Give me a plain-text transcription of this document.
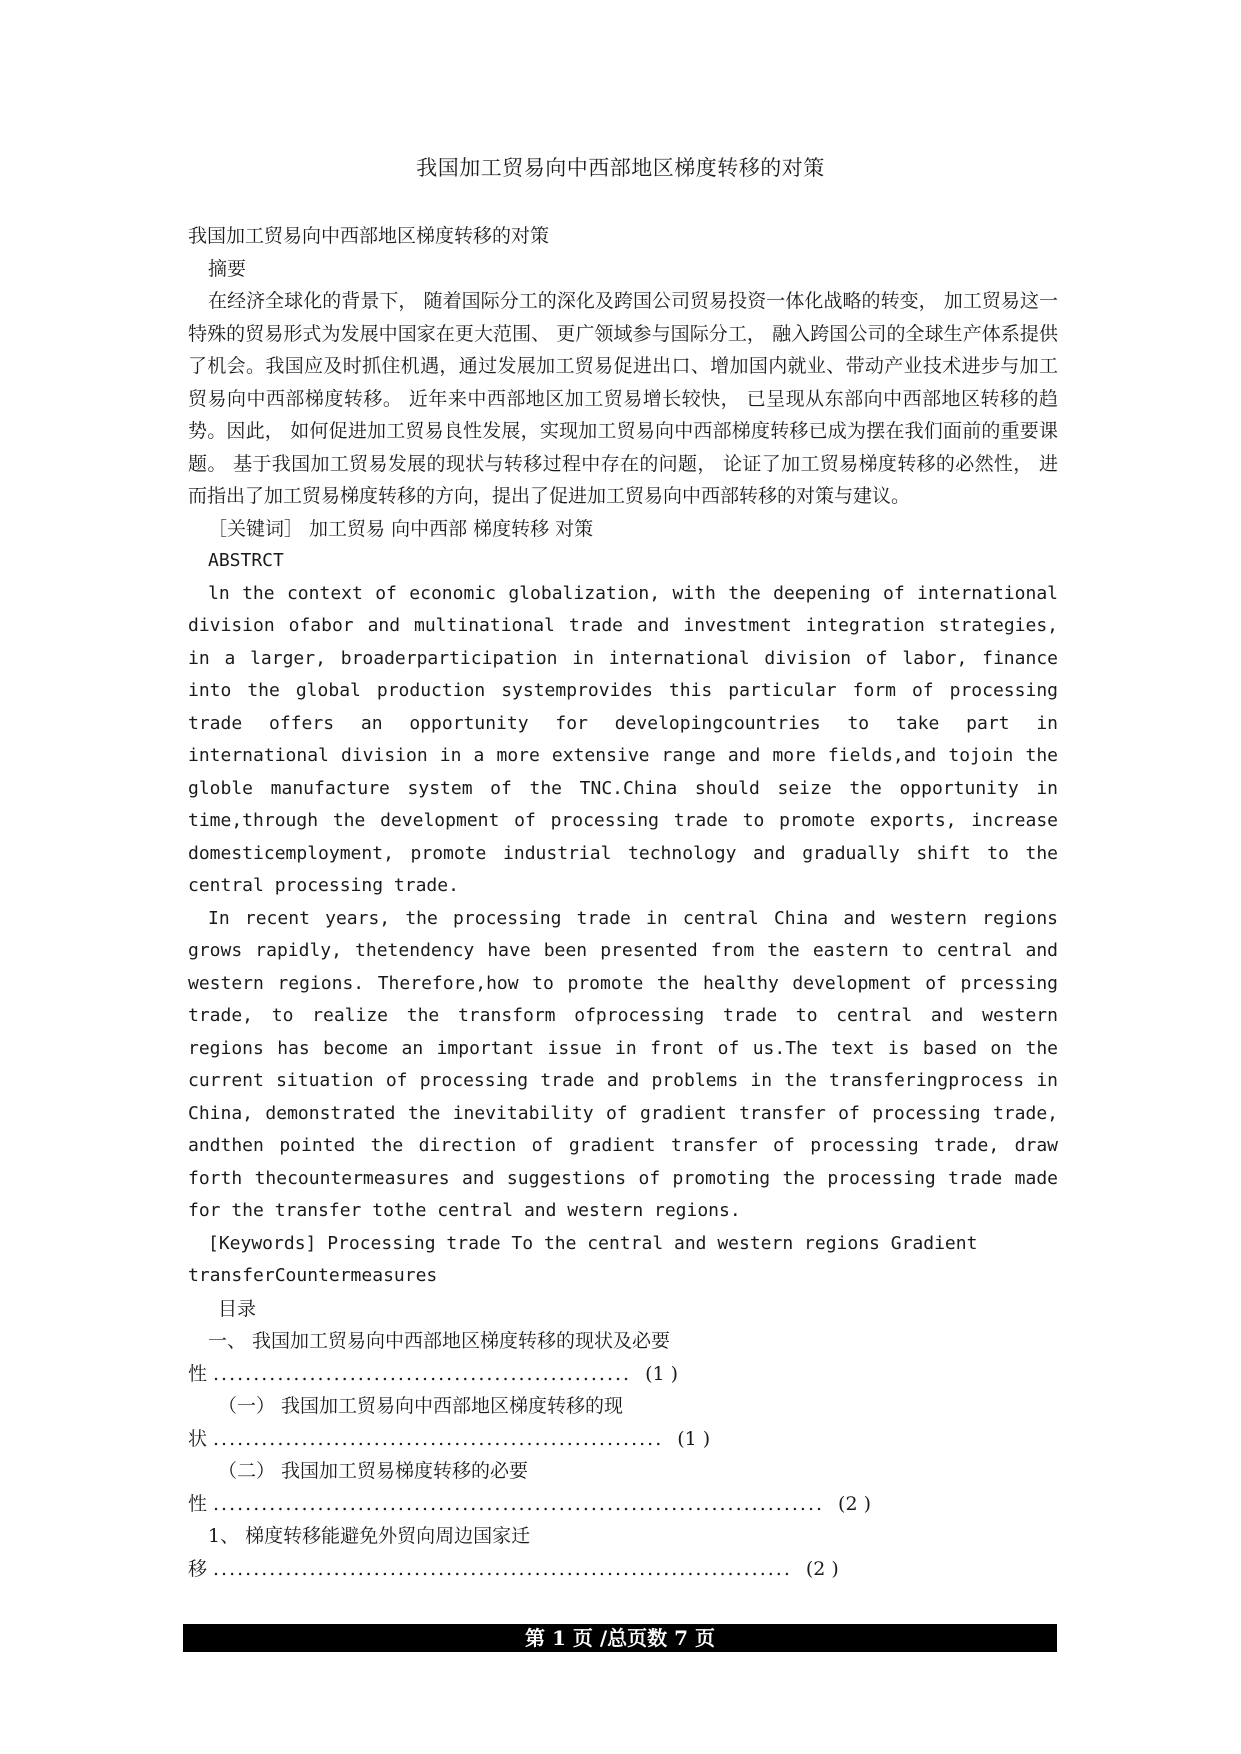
我国加工贸易向中西部地区梯度转移的对策

我国加工贸易向中西部地区梯度转移的对策

摘要

在经济全球化的背景下， 随着国际分工的深化及跨国公司贸易投资一体化战略的转变， 加工贸易这一特殊的贸易形式为发展中国家在更大范围、 更广领域参与国际分工， 融入跨国公司的全球生产体系提供了机会。我国应及时抓住机遇，通过发展加工贸易促进出口、增加国内就业、带动产业技术进步与加工贸易向中西部梯度转移。 近年来中西部地区加工贸易增长较快， 已呈现从东部向中西部地区转移的趋势。因此， 如何促进加工贸易良性发展，实现加工贸易向中西部梯度转移已成为摆在我们面前的重要课题。 基于我国加工贸易发展的现状与转移过程中存在的问题， 论证了加工贸易梯度转移的必然性， 进而指出了加工贸易梯度转移的方向，提出了促进加工贸易向中西部转移的对策与建议。

［关键词］ 加工贸易 向中西部 梯度转移 对策

ABSTRCT

ln the context of economic globalization, with the deepening of international division ofabor and multinational trade and investment integration strategies, in a larger, broaderparticipation in international division of labor, finance into the global production systemprovides this particular form of processing trade offers an opportunity for developingcountries to take part in international division in a more extensive range and more fields,and tojoin the globle manufacture system of the TNC.China should seize the opportunity in time,through the development of processing trade to promote exports, increase domesticemployment, promote industrial technology and gradually shift to the central processing trade.

In recent years, the processing trade in central China and western regions grows rapidly, thetendency have been presented from the eastern to central and western regions. Therefore,how to promote the healthy development of prcessing trade, to realize the transform ofprocessing trade to central and western regions has become an important issue in front of us.The text is based on the current situation of processing trade and problems in the transferingprocess in China, demonstrated the inevitability of gradient transfer of processing trade, andthen pointed the direction of gradient transfer of processing trade, draw forth thecountermeasures and suggestions of promoting the processing trade made for the transfer tothe central and western regions.

[Keywords] Processing trade To the central and western regions Gradient transferCountermeasures

目录

一、 我国加工贸易向中西部地区梯度转移的现状及必要
性 .................................................... (1 )
（一） 我国加工贸易向中西部地区梯度转移的现
状 ........................................................ (1 )
（二） 我国加工贸易梯度转移的必要
性 ............................................................................ (2 )
1、 梯度转移能避免外贸向周边国家迁
移 ........................................................................ (2 )
第 1 页 /总页数 7 页
